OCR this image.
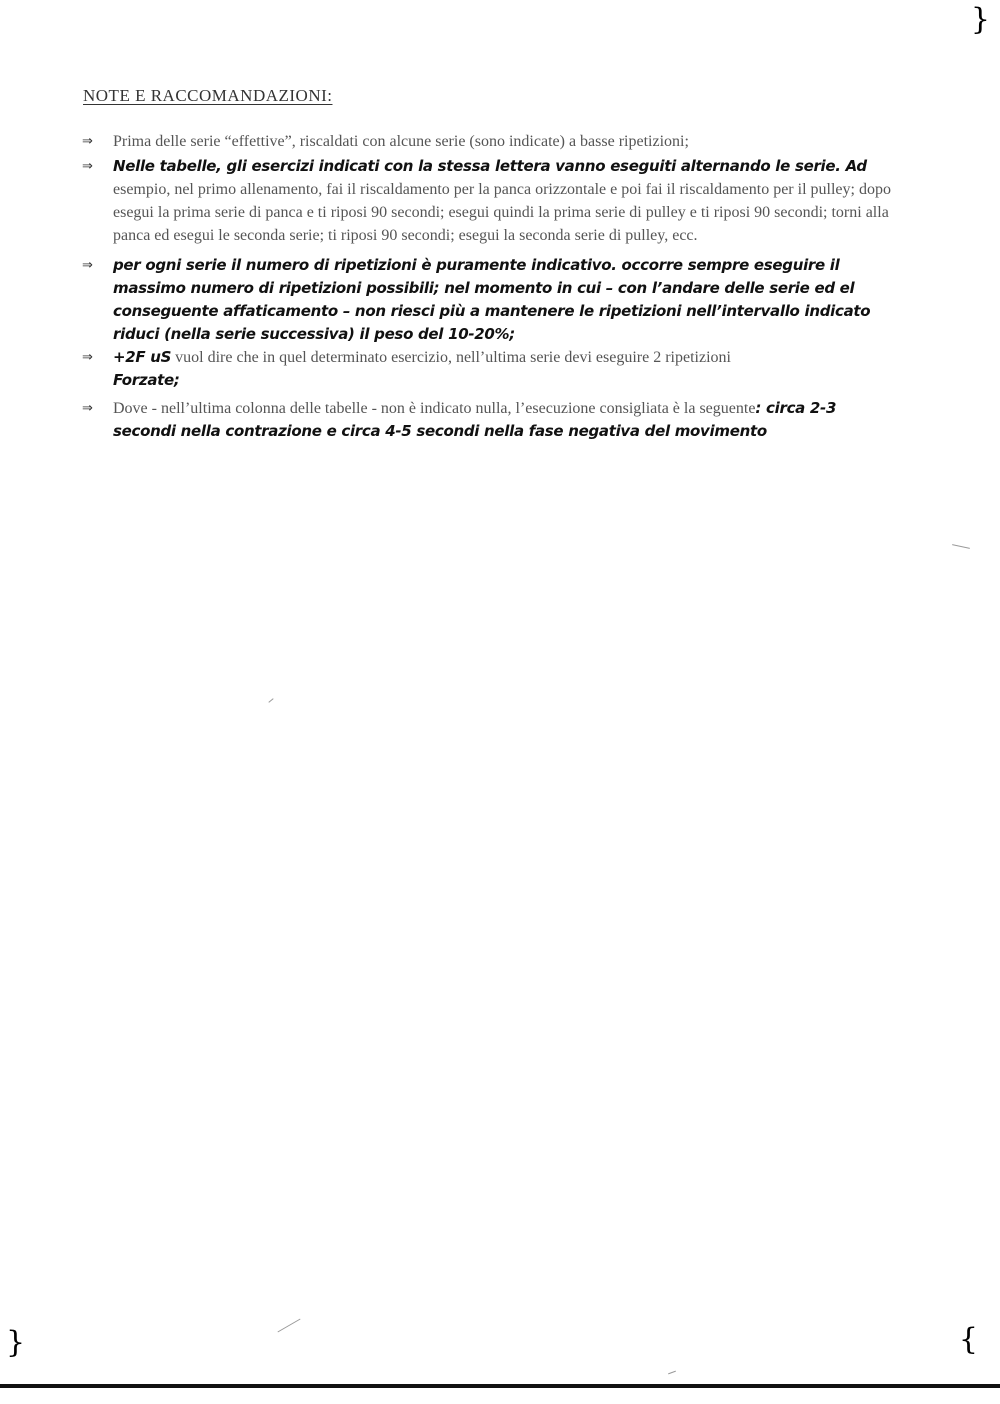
}
NOTE E RACCOMANDAZIONI:
⇒ Prima delle serie “effettive”, riscaldati con alcune serie (sono indicate) a basse ripetizioni;
⇒ Nelle tabelle, gli esercizi indicati con la stessa lettera vanno eseguiti alternando le serie. Ad esempio, nel primo allenamento, fai il riscaldamento per la panca orizzontale e poi fai il riscaldamento per il pulley; dopo esegui la prima serie di panca e ti riposi 90 secondi; esegui quindi la prima serie di pulley e ti riposi 90 secondi; torni alla panca ed esegui le seconda serie; ti riposi 90 secondi; esegui la seconda serie di pulley, ecc.
⇒ per ogni serie il numero di ripetizioni è puramente indicativo. occorre sempre eseguire il massimo numero di ripetizioni possibili; nel momento in cui – con l’andare delle serie ed el conseguente affaticamento – non riesci più a mantenere le ripetizioni nell’intervallo indicato riduci (nella serie successiva) il peso del 10-20%;
⇒ +2F uS vuol dire che in quel determinato esercizio, nell’ultima serie devi eseguire 2 ripetizioni
Forzate;
⇒ Dove - nell’ultima colonna delle tabelle - non è indicato nulla, l’esecuzione consigliata è la seguente: circa 2-3 secondi nella contrazione e circa 4-5 secondi nella fase negativa del movimento
}	{
